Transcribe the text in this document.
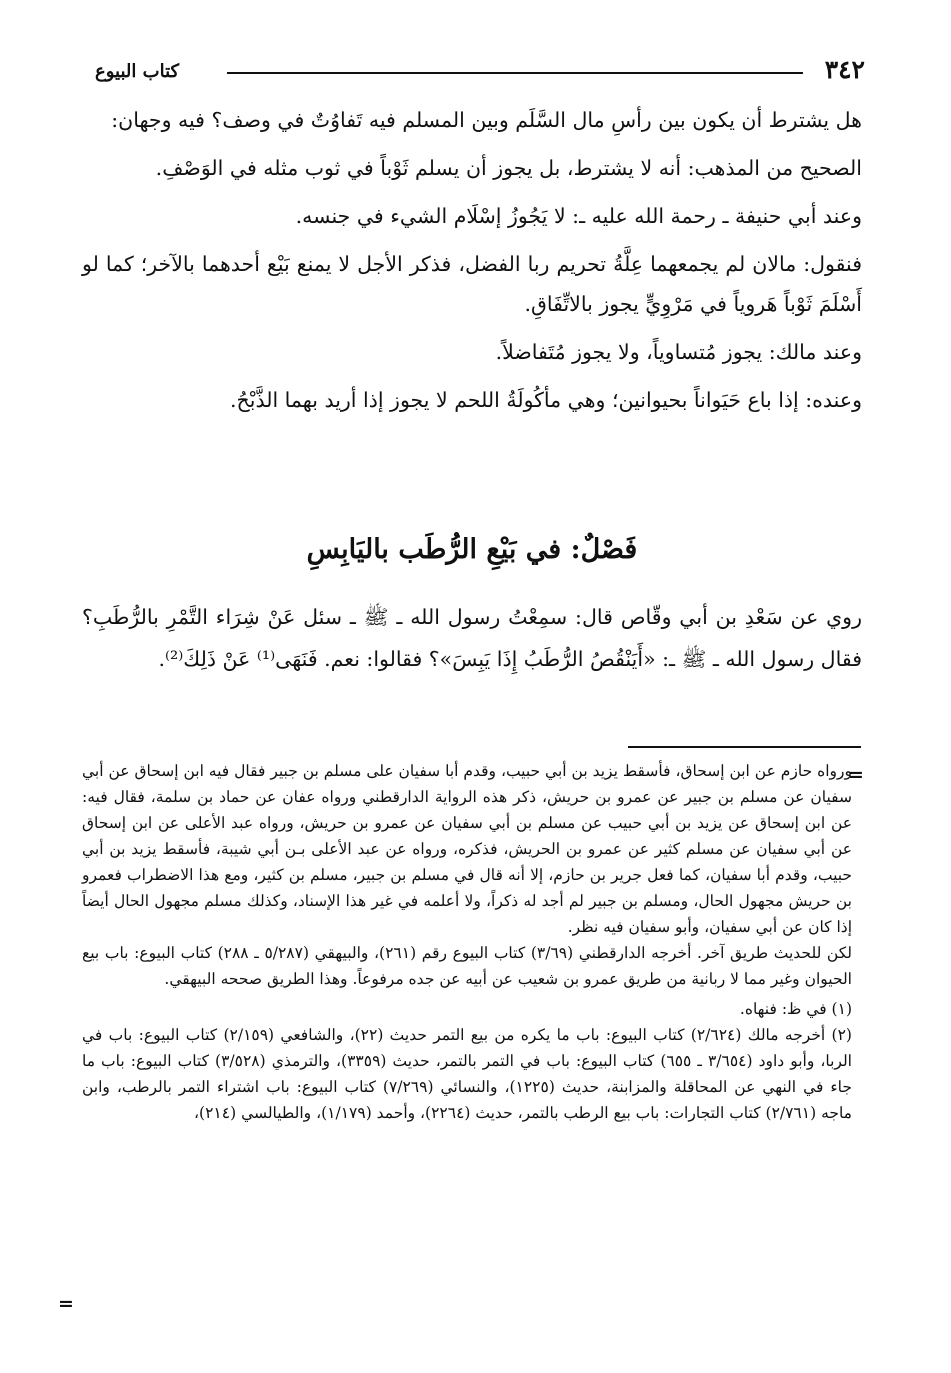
٣٤٢
كتاب البيوع

هل يشترط أن يكون بين رأسِ مال السَّلَم وبين المسلم فيه تَفاوُتٌ في وصف؟ فيه وجهان:

الصحيح من المذهب: أنه لا يشترط، بل يجوز أن يسلم ثَوْباً في ثوب مثله في الوَصْفِ.

وعند أبي حنيفة ـ رحمة الله عليه ـ: لا يَجُوزُ إسْلَام الشيء في جنسه.

فنقول: مالان لم يجمعهما عِلَّةُ تحريم ربا الفضل، فذكر الأجل لا يمنع بَيْع أحدهما بالآخر؛ كما لو أَسْلَمَ ثَوْباً هَروياً في مَرْوِيٍّ يجوز بالاتِّفَاقِ.

وعند مالك: يجوز مُتساوياً، ولا يجوز مُتَفاضلاً.

وعنده: إذا باع حَيَواناً بحيوانين؛ وهي مأكُولَةُ اللحم لا يجوز إذا أريد بهما الذَّبْحُ.

فَصْلٌ: في بَيْعِ الرُّطَب باليَابِسِ

روي عن سَعْدِ بن أبي وقّاص قال: سمِعْتُ رسول الله ـ ﷺ ـ سئل عَنْ شِرَاء التَّمْرِ بالرُّطَبِ؟ فقال رسول الله ـ ﷺ ـ: «أَيَنْقُصُ الرُّطَبُ إِذَا يَبِسَ»؟ فقالوا: نعم. فَنَهَى⁽¹⁾ عَنْ ذَلِكَ⁽²⁾.

=

ورواه حازم عن ابن إسحاق، فأسقط يزيد بن أبي حبيب، وقدم أبا سفيان على مسلم بن جبير فقال فيه ابن إسحاق عن أبي سفيان عن مسلم بن جبير عن عمرو بن حريش، ذكر هذه الرواية الدارقطني ورواه عفان عن حماد بن سلمة، فقال فيه: عن ابن إسحاق عن يزيد بن أبي حبيب عن مسلم بن أبي سفيان عن عمرو بن حريش، ورواه عبد الأعلى عن ابن إسحاق عن أبي سفيان عن مسلم كثير عن عمرو بن الحريش، فذكره، ورواه عن عبد الأعلى بـن أبي شيبة، فأسقط يزيد بن أبي حبيب، وقدم أبا سفيان، كما فعل جرير بن حازم، إلا أنه قال في مسلم بن جبير، مسلم بن كثير، ومع هذا الاضطراب فعمرو بن حريش مجهول الحال، ومسلم بن جبير لم أجد له ذكراً، ولا أعلمه في غير هذا الإسناد، وكذلك مسلم مجهول الحال أيضاً إذا كان عن أبي سفيان، وأبو سفيان فيه نظر.

لكن للحديث طريق آخر. أخرجه الدارقطني (٣/٦٩) كتاب البيوع رقم (٢٦١)، والبيهقي (٥/٢٨٧ ـ ٢٨٨) كتاب البيوع: باب بيع الحيوان وغير مما لا ربانية من طريق عمرو بن شعيب عن أبيه عن جده مرفوعاً. وهذا الطريق صححه البيهقي.

(١) في ظ: فنهاه.

(٢) أخرجه مالك (٢/٦٢٤) كتاب البيوع: باب ما يكره من بيع التمر حديث (٢٢)، والشافعي (٢/١٥٩) كتاب البيوع: باب في الربا، وأبو داود (٣/٦٥٤ ـ ٦٥٥) كتاب البيوع: باب في التمر بالتمر، حديث (٣٣٥٩)، والترمذي (٣/٥٢٨) كتاب البيوع: باب ما جاء في النهي عن المحاقلة والمزابنة، حديث (١٢٢٥)، والنسائي (٧/٢٦٩) كتاب البيوع: باب اشتراء التمر بالرطب، وابن ماجه (٢/٧٦١) كتاب التجارات: باب بيع الرطب بالتمر، حديث (٢٢٦٤)، وأحمد (١/١٧٩)، والطيالسي (٢١٤)،

=
